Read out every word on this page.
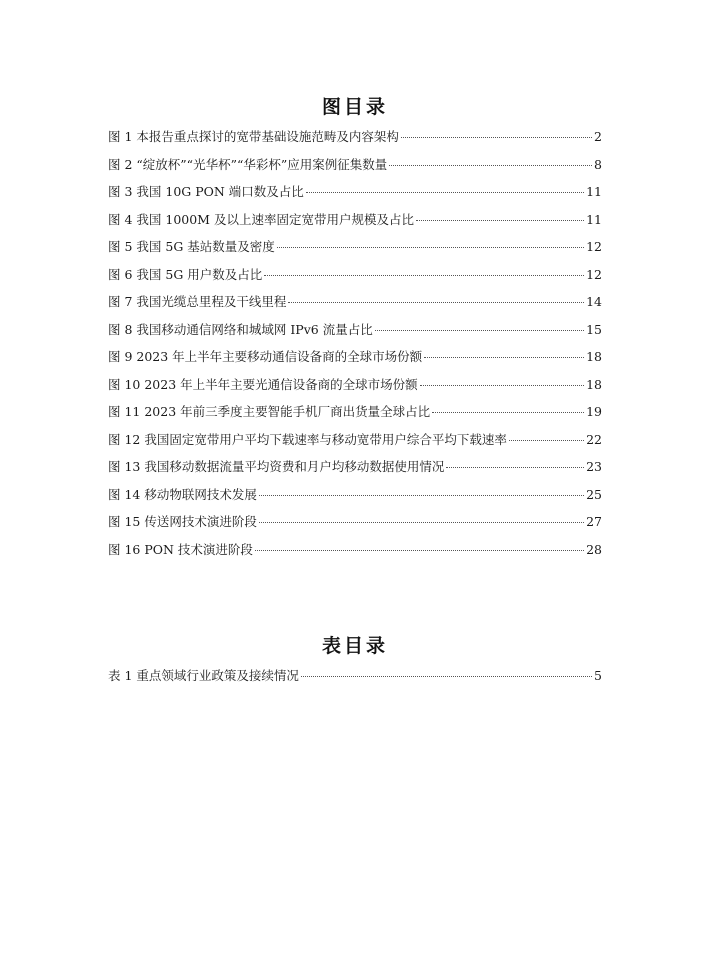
图目录
图 1 本报告重点探讨的宽带基础设施范畴及内容架构	2
图 2 “绽放杯”“光华杯”“华彩杯”应用案例征集数量	8
图 3 我国 10G PON 端口数及占比	11
图 4 我国 1000M 及以上速率固定宽带用户规模及占比	11
图 5 我国 5G 基站数量及密度	12
图 6 我国 5G 用户数及占比	12
图 7 我国光缆总里程及干线里程	14
图 8 我国移动通信网络和城域网 IPv6 流量占比	15
图 9 2023 年上半年主要移动通信设备商的全球市场份额	18
图 10 2023 年上半年主要光通信设备商的全球市场份额	18
图 11 2023 年前三季度主要智能手机厂商出货量全球占比	19
图 12 我国固定宽带用户平均下载速率与移动宽带用户综合平均下载速率	22
图 13 我国移动数据流量平均资费和月户均移动数据使用情况	23
图 14 移动物联网技术发展	25
图 15 传送网技术演进阶段	27
图 16 PON 技术演进阶段	28
表目录
表 1 重点领域行业政策及接续情况	5
